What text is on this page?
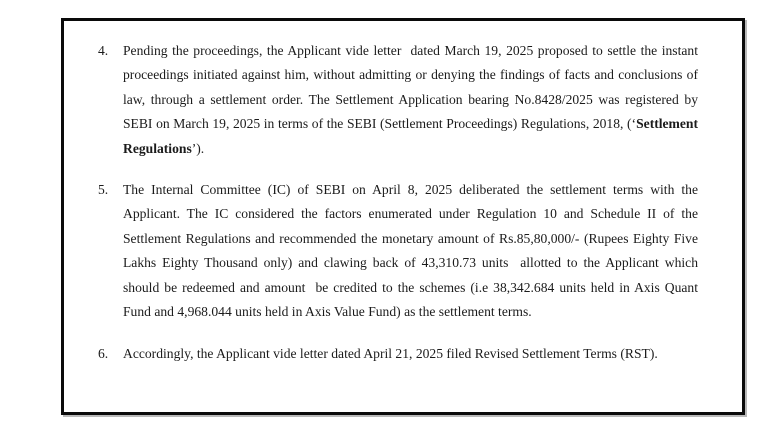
4.	Pending the proceedings, the Applicant vide letter  dated March 19, 2025 proposed to settle the instant proceedings initiated against him, without admitting or denying the findings of facts and conclusions of law, through a settlement order. The Settlement Application bearing No.8428/2025 was registered by SEBI on March 19, 2025 in terms of the SEBI (Settlement Proceedings) Regulations, 2018, (‘Settlement Regulations’).
5.	The Internal Committee (IC) of SEBI on April 8, 2025 deliberated the settlement terms with the Applicant. The IC considered the factors enumerated under Regulation 10 and Schedule II of the Settlement Regulations and recommended the monetary amount of Rs.85,80,000/- (Rupees Eighty Five Lakhs Eighty Thousand only) and clawing back of 43,310.73 units  allotted to the Applicant which should be redeemed and amount  be credited to the schemes (i.e 38,342.684 units held in Axis Quant Fund and 4,968.044 units held in Axis Value Fund) as the settlement terms.
6.	Accordingly, the Applicant vide letter dated April 21, 2025 filed Revised Settlement Terms (RST).
